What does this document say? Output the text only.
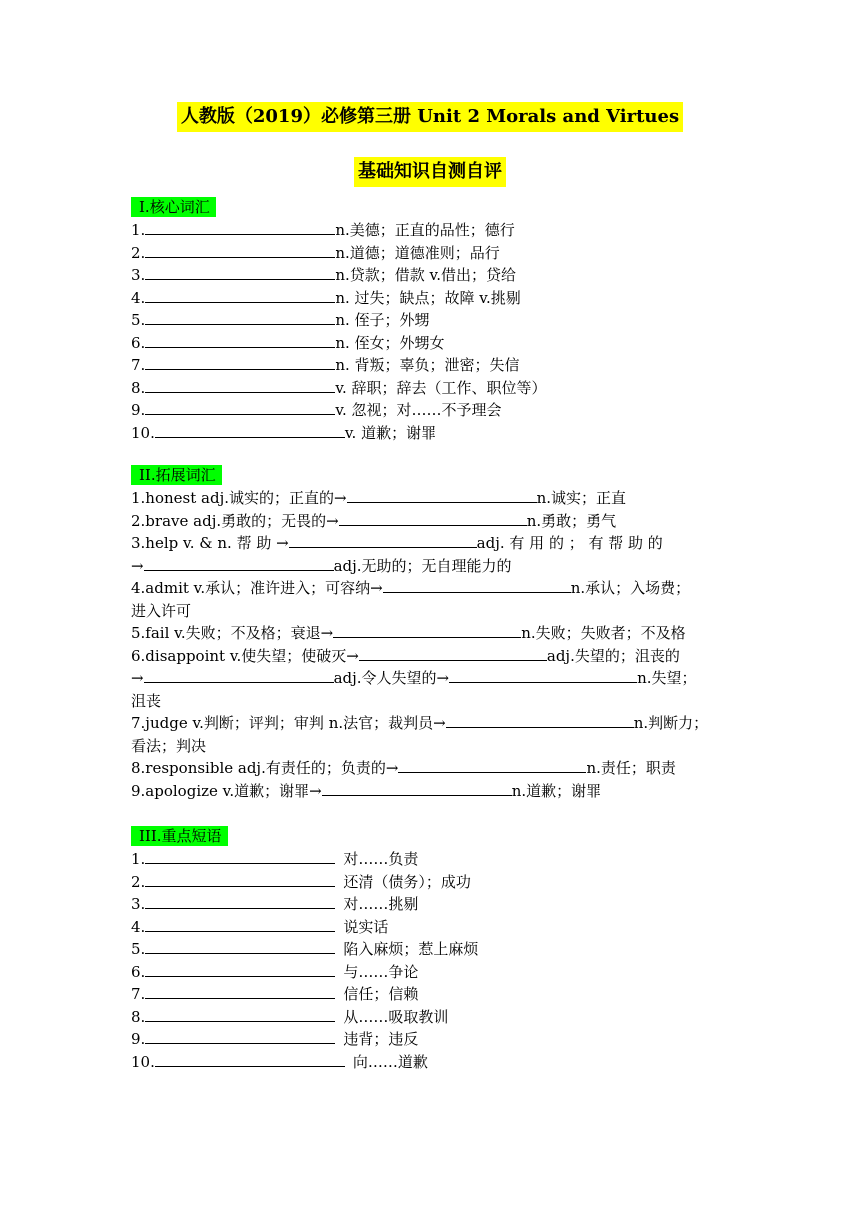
人教版（2019）必修第三册 Unit 2 Morals and Virtues
基础知识自测自评
I.核心词汇
1.	n.美德；正直的品性；德行
2.	n.道德；道德准则；品行
3.	n.贷款；借款 v.借出；贷给
4.	n. 过失；缺点；故障 v.挑剔
5.	n. 侄子；外甥
6.	n. 侄女；外甥女
7.	n. 背叛；辜负；泄密；失信
8.	v. 辞职；辞去（工作、职位等）
9.	v. 忽视；对……不予理会
10.	v. 道歉；谢罪
II.拓展词汇
1.honest adj.诚实的；正直的→	n.诚实；正直
2.brave adj.勇敢的；无畏的→	n.勇敢；勇气
3.help v. & n. 帮 助 →	adj. 有 用 的 ； 有 帮 助 的
→	adj.无助的；无自理能力的
4.admit v.承认；准许进入；可容纳→	n.承认；入场费；
进入许可
5.fail v.失败；不及格；衰退→	n.失败；失败者；不及格
6.disappoint v.使失望；使破灭→	adj.失望的；沮丧的
→	adj.令人失望的→	n.失望；
沮丧
7.judge v.判断；评判；审判 n.法官；裁判员→	n.判断力；
看法；判决
8.responsible adj.有责任的；负责的→	n.责任；职责
9.apologize v.道歉；谢罪→	n.道歉；谢罪
III.重点短语
1.	对……负责
2.	还清（债务）；成功
3.	对……挑剔
4.	说实话
5.	陷入麻烦；惹上麻烦
6.	与……争论
7.	信任；信赖
8.	从……吸取教训
9.	违背；违反
10.	向……道歉
